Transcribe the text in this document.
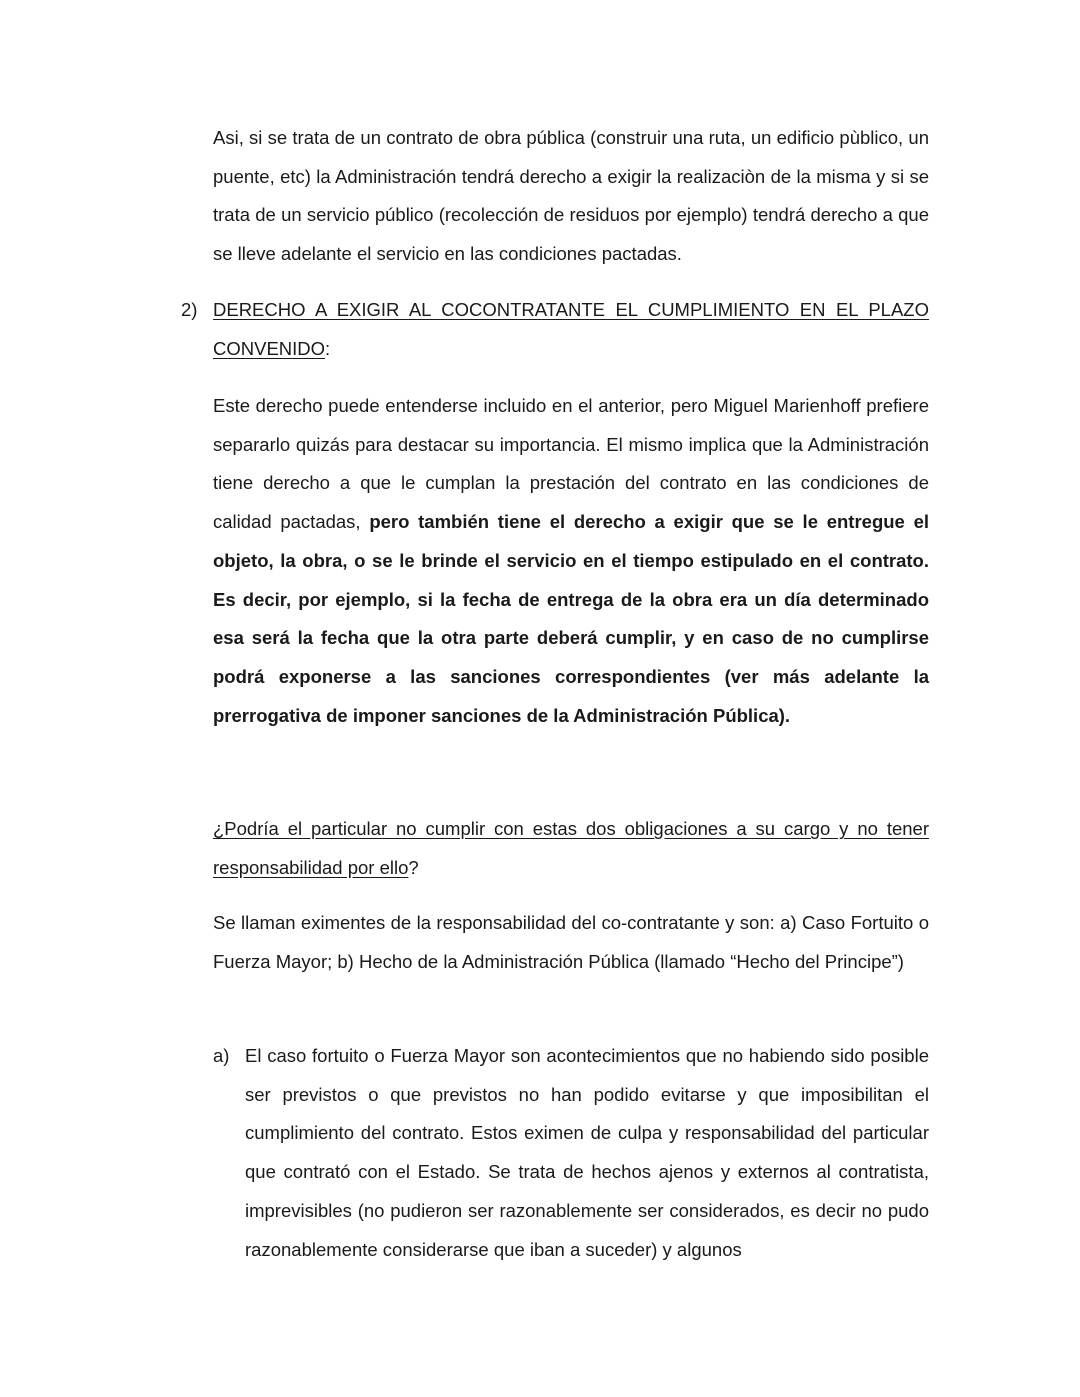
Asi, si se trata de un contrato de obra pública (construir una ruta, un edificio pùblico, un puente, etc) la Administración tendrá derecho a exigir la realizaciòn de la misma y si se trata de un servicio público (recolección de residuos por ejemplo) tendrá derecho a que se lleve adelante el servicio en las condiciones pactadas.

2) DERECHO A EXIGIR AL COCONTRATANTE EL CUMPLIMIENTO EN EL PLAZO CONVENIDO:

Este derecho puede entenderse incluido en el anterior, pero Miguel Marienhoff prefiere separarlo quizás para destacar su importancia. El mismo implica que la Administración tiene derecho a que le cumplan la prestación del contrato en las condiciones de calidad pactadas, pero también tiene el derecho a exigir que se le entregue el objeto, la obra, o se le brinde el servicio en el tiempo estipulado en el contrato. Es decir, por ejemplo, si la fecha de entrega de la obra era un día determinado esa será la fecha que la otra parte deberá cumplir, y en caso de no cumplirse podrá exponerse a las sanciones correspondientes (ver más adelante la prerrogativa de imponer sanciones de la Administración Pública).

¿Podría el particular no cumplir con estas dos obligaciones a su cargo y no tener responsabilidad por ello?

Se llaman eximentes de la responsabilidad del co-contratante y son: a) Caso Fortuito o Fuerza Mayor; b) Hecho de la Administración Pública (llamado “Hecho del Principe”)

a) El caso fortuito o Fuerza Mayor son acontecimientos que no habiendo sido posible ser previstos o que previstos no han podido evitarse y que imposibilitan el cumplimiento del contrato. Estos eximen de culpa y responsabilidad del particular que contrató con el Estado. Se trata de hechos ajenos y externos al contratista, imprevisibles (no pudieron ser razonablemente ser considerados, es decir no pudo razonablemente considerarse que iban a suceder) y algunos
